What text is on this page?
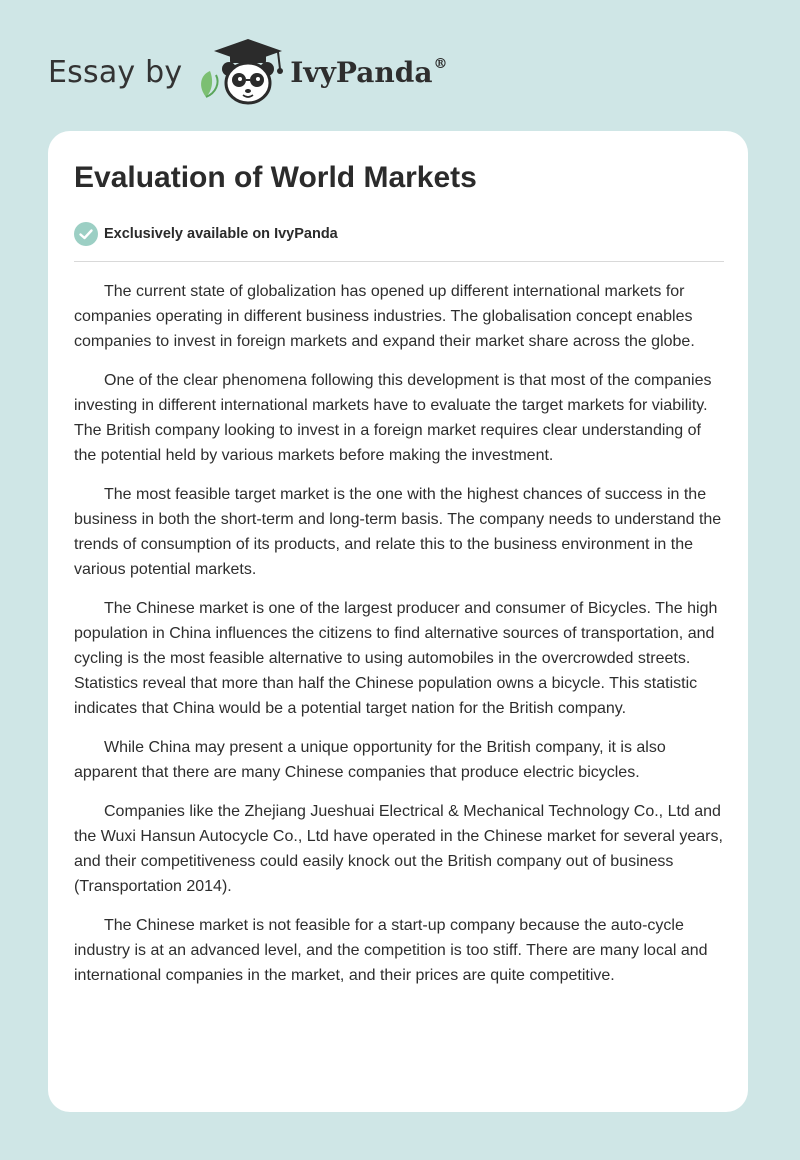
Essay by	IvyPanda®
Evaluation of World Markets
Exclusively available on IvyPanda

The current state of globalization has opened up different international markets for companies operating in different business industries. The globalisation concept enables companies to invest in foreign markets and expand their market share across the globe.

One of the clear phenomena following this development is that most of the companies investing in different international markets have to evaluate the target markets for viability. The British company looking to invest in a foreign market requires clear understanding of the potential held by various markets before making the investment.

The most feasible target market is the one with the highest chances of success in the business in both the short-term and long-term basis. The company needs to understand the trends of consumption of its products, and relate this to the business environment in the various potential markets.

The Chinese market is one of the largest producer and consumer of Bicycles. The high population in China influences the citizens to find alternative sources of transportation, and cycling is the most feasible alternative to using automobiles in the overcrowded streets. Statistics reveal that more than half the Chinese population owns a bicycle. This statistic indicates that China would be a potential target nation for the British company.

While China may present a unique opportunity for the British company, it is also apparent that there are many Chinese companies that produce electric bicycles.

Companies like the Zhejiang Jueshuai Electrical & Mechanical Technology Co., Ltd and the Wuxi Hansun Autocycle Co., Ltd have operated in the Chinese market for several years, and their competitiveness could easily knock out the British company out of business (Transportation 2014).

The Chinese market is not feasible for a start-up company because the auto-cycle industry is at an advanced level, and the competition is too stiff. There are many local and international companies in the market, and their prices are quite competitive.
